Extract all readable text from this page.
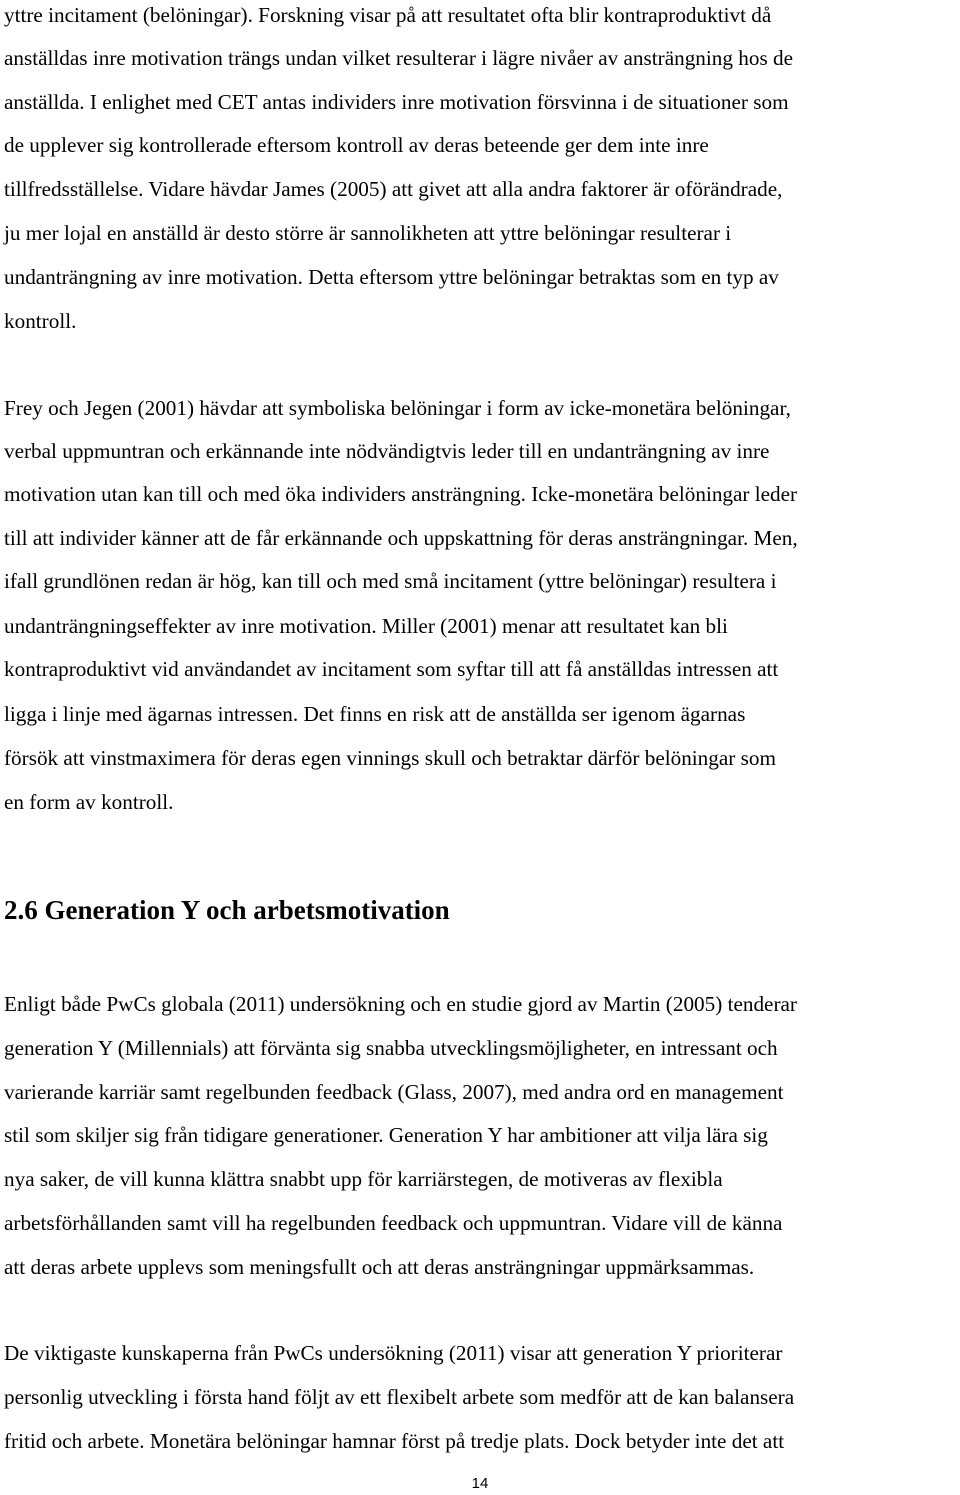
yttre incitament (belöningar). Forskning visar på att resultatet ofta blir kontraproduktivt då
anställdas inre motivation trängs undan vilket resulterar i lägre nivåer av ansträngning hos de
anställda. I enlighet med CET antas individers inre motivation försvinna i de situationer som
de upplever sig kontrollerade eftersom kontroll av deras beteende ger dem inte inre
tillfredsställelse. Vidare hävdar James (2005) att givet att alla andra faktorer är oförändrade,
ju mer lojal en anställd är desto större är sannolikheten att yttre belöningar resulterar i
undanträngning av inre motivation. Detta eftersom yttre belöningar betraktas som en typ av
kontroll.
Frey och Jegen (2001) hävdar att symboliska belöningar i form av icke-monetära belöningar,
verbal uppmuntran och erkännande inte nödvändigtvis leder till en undanträngning av inre
motivation utan kan till och med öka individers ansträngning. Icke-monetära belöningar leder
till att individer känner att de får erkännande och uppskattning för deras ansträngningar. Men,
ifall grundlönen redan är hög, kan till och med små incitament (yttre belöningar) resultera i
undanträngningseffekter av inre motivation. Miller (2001) menar att resultatet kan bli
kontraproduktivt vid användandet av incitament som syftar till att få anställdas intressen att
ligga i linje med ägarnas intressen. Det finns en risk att de anställda ser igenom ägarnas
försök att vinstmaximera för deras egen vinnings skull och betraktar därför belöningar som
en form av kontroll.
2.6 Generation Y och arbetsmotivation
Enligt både PwCs globala (2011) undersökning och en studie gjord av Martin (2005) tenderar
generation Y (Millennials) att förvänta sig snabba utvecklingsmöjligheter, en intressant och
varierande karriär samt regelbunden feedback (Glass, 2007), med andra ord en management
stil som skiljer sig från tidigare generationer. Generation Y har ambitioner att vilja lära sig
nya saker, de vill kunna klättra snabbt upp för karriärstegen, de motiveras av flexibla
arbetsförhållanden samt vill ha regelbunden feedback och uppmuntran. Vidare vill de känna
att deras arbete upplevs som meningsfullt och att deras ansträngningar uppmärksammas.
De viktigaste kunskaperna från PwCs undersökning (2011) visar att generation Y prioriterar
personlig utveckling i första hand följt av ett flexibelt arbete som medför att de kan balansera
fritid och arbete. Monetära belöningar hamnar först på tredje plats. Dock betyder inte det att
14
